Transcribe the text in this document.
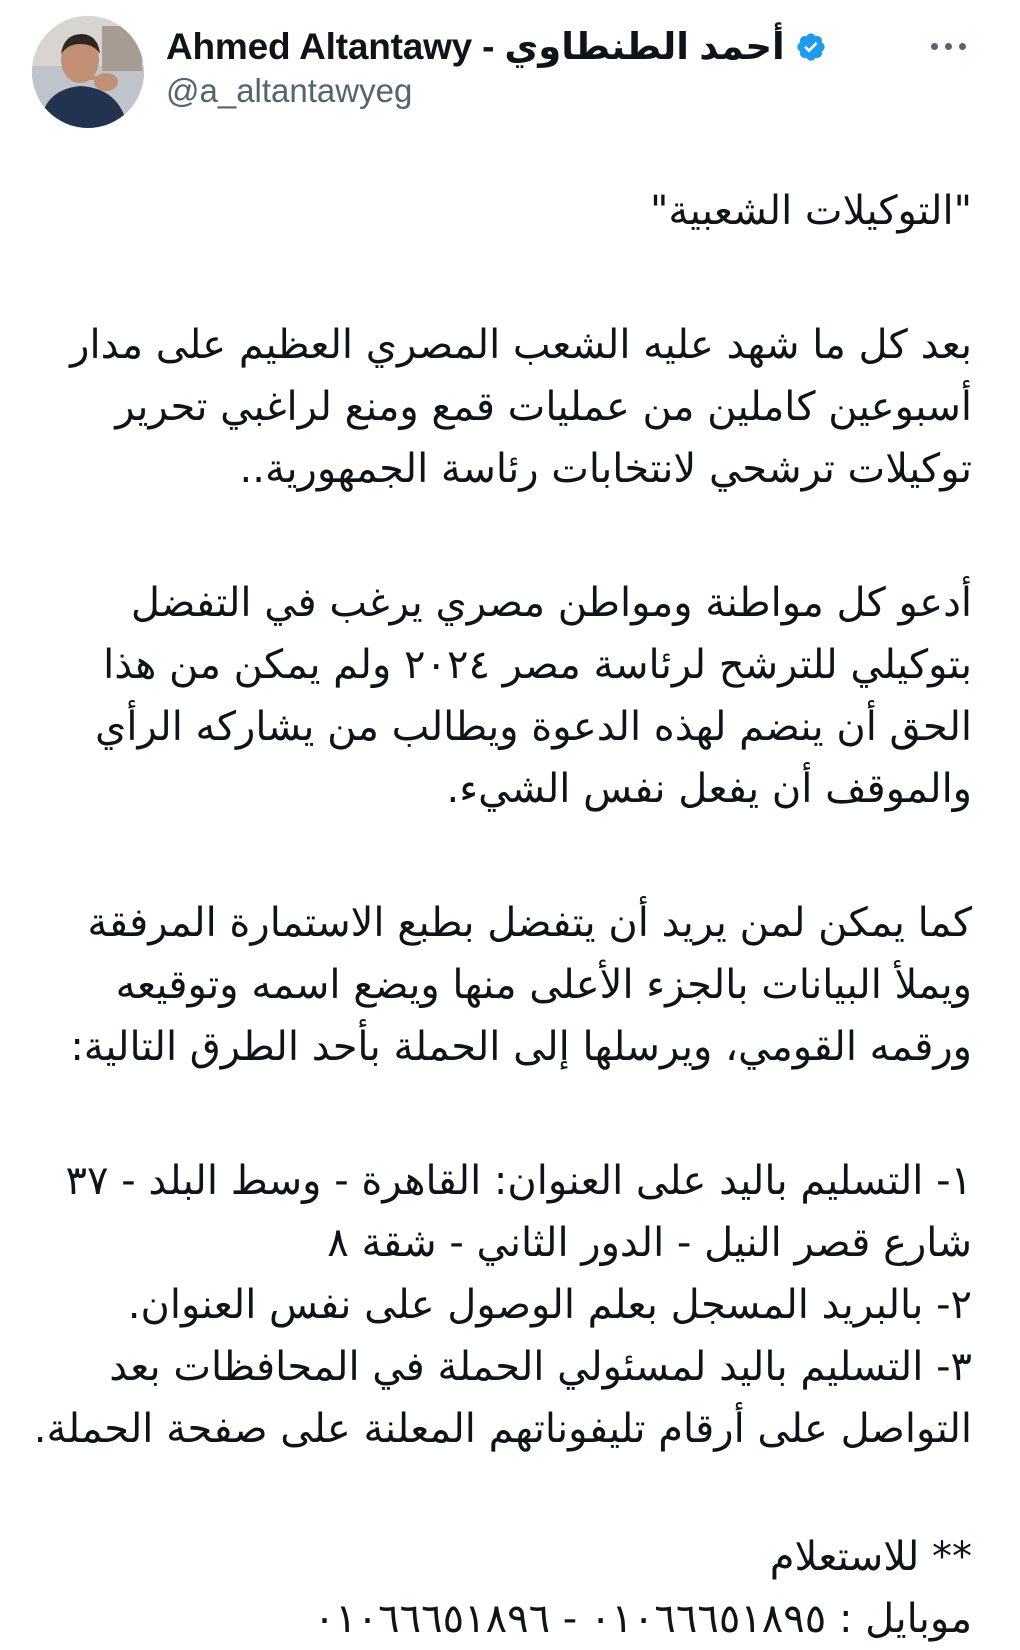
Ahmed Altantawy - أحمد الطنطاوي
@a_altantawyeg
"التوكيلات الشعبية"
بعد كل ما شهد عليه الشعب المصري العظيم على مدار
أسبوعين كاملين من عمليات قمع ومنع لراغبي تحرير
توكيلات ترشحي لانتخابات رئاسة الجمهورية..
أدعو كل مواطنة ومواطن مصري يرغب في التفضل
بتوكيلي للترشح لرئاسة مصر ٢٠٢٤ ولم يمكن من هذا
الحق أن ينضم لهذه الدعوة ويطالب من يشاركه الرأي
والموقف أن يفعل نفس الشيء.
كما يمكن لمن يريد أن يتفضل بطبع الاستمارة المرفقة
ويملأ البيانات بالجزء الأعلى منها ويضع اسمه وتوقيعه
ورقمه القومي، ويرسلها إلى الحملة بأحد الطرق التالية:
١- التسليم باليد على العنوان: القاهرة - وسط البلد - ٣٧
شارع قصر النيل - الدور الثاني - شقة ٨
٢- بالبريد المسجل بعلم الوصول على نفس العنوان.
٣- التسليم باليد لمسئولي الحملة في المحافظات بعد
التواصل على أرقام تليفوناتهم المعلنة على صفحة الحملة.
** للاستعلام
موبايل : ٠١٠٦٦٦٥١٨٩٥ - ٠١٠٦٦٦٥١٨٩٦
